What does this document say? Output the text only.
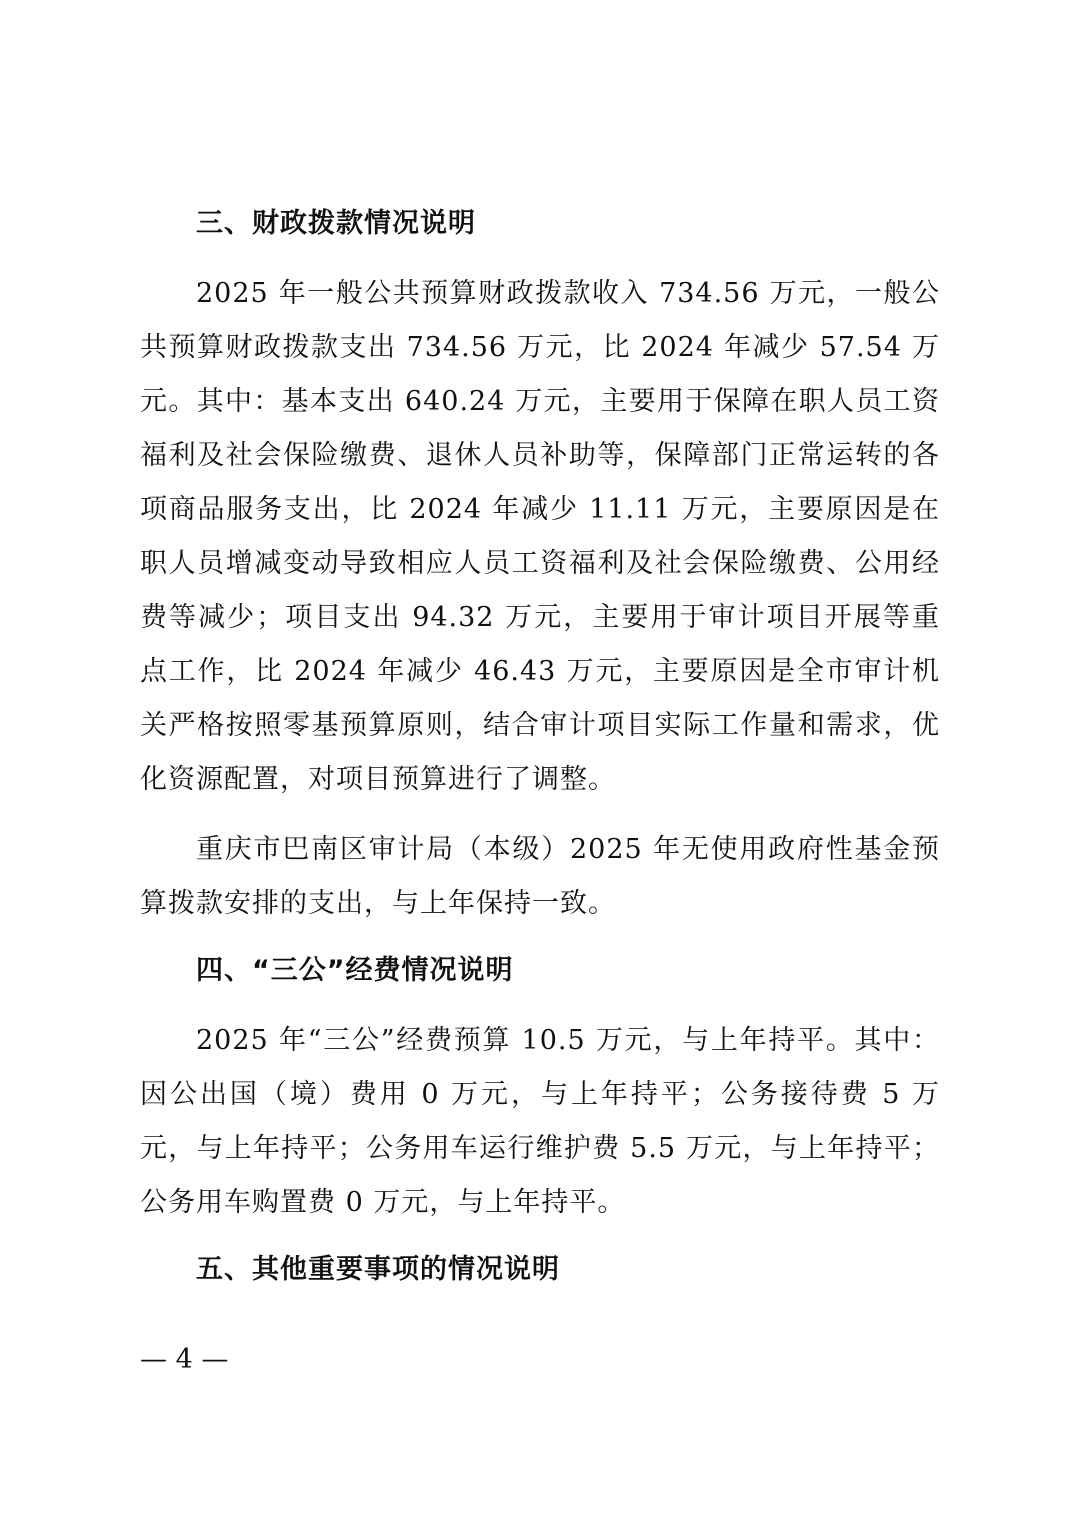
三、财政拨款情况说明
2025 年一般公共预算财政拨款收入 734.56 万元，一般公共预算财政拨款支出 734.56 万元，比 2024 年减少 57.54 万元。其中：基本支出 640.24 万元，主要用于保障在职人员工资福利及社会保险缴费、退休人员补助等，保障部门正常运转的各项商品服务支出，比 2024 年减少 11.11 万元，主要原因是在职人员增减变动导致相应人员工资福利及社会保险缴费、公用经费等减少；项目支出 94.32 万元，主要用于审计项目开展等重点工作，比 2024 年减少 46.43 万元，主要原因是全市审计机关严格按照零基预算原则，结合审计项目实际工作量和需求，优化资源配置，对项目预算进行了调整。
重庆市巴南区审计局（本级）2025 年无使用政府性基金预算拨款安排的支出，与上年保持一致。
四、“三公”经费情况说明
2025 年“三公”经费预算 10.5 万元，与上年持平。其中：因公出国（境）费用 0 万元，与上年持平；公务接待费 5 万元，与上年持平；公务用车运行维护费 5.5 万元，与上年持平；公务用车购置费 0 万元，与上年持平。
五、其他重要事项的情况说明
— 4 —
